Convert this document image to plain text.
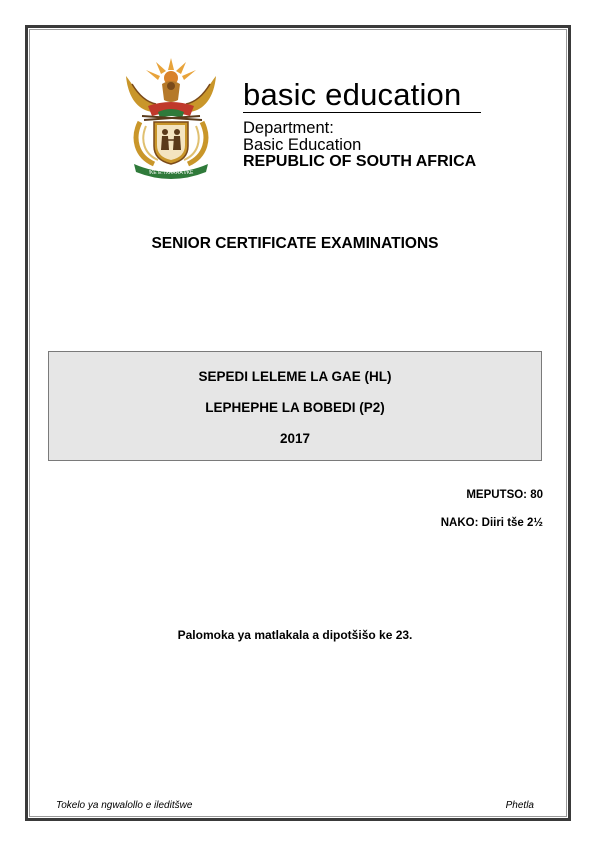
!KE E: /XARRA //KE
basic education
Department:
Basic Education
REPUBLIC OF SOUTH AFRICA
SENIOR CERTIFICATE EXAMINATIONS
SEPEDI LELEME LA GAE (HL)
LEPHEPHE LA BOBEDI (P2)
2017
MEPUTSO: 80
NAKO: Diiri tše 2½
Palomoka ya matlakala a dipotšišo ke 23.
Tokelo ya ngwalollo e ileditšwe	Phetla
